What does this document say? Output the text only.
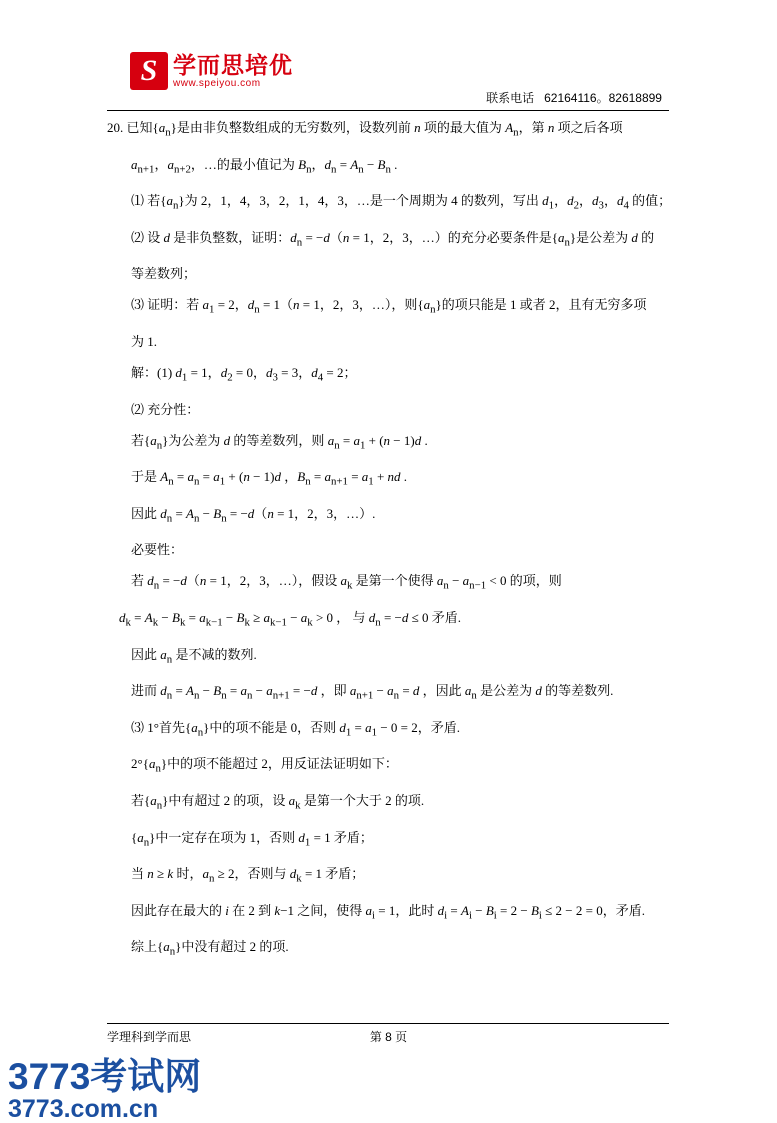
S 学而思培优
www.speiyou.com
联系电话 62164116。82618899

20. 已知$\{a_n\}$是由非负整数组成的无穷数列，设数列前 n 项的最大值为 $A_n$，第 n 项之后各项

$a_{n+1}$，$a_{n+2}$，…的最小值记为 $B_n$，$d_n = A_n - B_n$ .

⑴ 若$\{a_n\}$为 2，1，4，3，2，1，4，3，…是一个周期为 4 的数列，写出 $d_1$，$d_2$，$d_3$，$d_4$ 的值；

⑵ 设 d 是非负整数，证明：$d_n = -d(n = 1$，2，3，…）的充分必要条件是$\{a_n\}$是公差为 d 的

等差数列；

⑶ 证明：若 $a_1 = 2$，$d_n = 1(n = 1$，2，3，…），则$\{a_n\}$的项只能是 1 或者 2，且有无穷多项

为 1.

解：(1) $d_1 = 1$，$d_2 = 0$，$d_3 = 3$，$d_4 = 2$；

⑵ 充分性：

若$\{a_n\}$为公差为 d 的等差数列，则 $a_n = a_1 + (n - 1)d$ .

于是 $A_n = a_n = a_1 + (n - 1)d$ ，$B_n = a_{n+1} = a_1$ + nd .

因此 $d_n = A_n - B_n = -d(n = 1$，2，3，…）.

必要性：

若 $d_n = -d(n = 1$，2，3，…），假设 $a_k$ 是第一个使得 $a_n - a_{n-1} < 0$ 的项，则

$d_k = A_k - B_k = a_{k-1} - B_k \ge a_{k-1} - a_k > 0$ ， 与 $d_n = -d \le 0$ 矛盾.

因此 $a_n$ 是不减的数列.

进而 $d_n = A_n - B_n = a_n - a_{n+1} = -d$ ，即 $a_{n+1} - a_n = d$ ，因此 $a_n$ 是公差为 d 的等差数列.

⑶ 1°首先$\{a_n\}$中的项不能是 0，否则 $d_1 = a_1 - 0 = 2$，矛盾.

$2^\circ\{a_n\}$中的项不能超过 2，用反证法证明如下：

若$\{a_n\}$中有超过 2 的项，设 $a_k$ 是第一个大于 2 的项.

$\{a_n\}$中一定存在项为 1，否则 $d_1 = 1$ 矛盾；

当 n ≥ k 时，$a_n \ge 2$，否则与 $d_k = 1$ 矛盾；

因此存在最大的 i 在 2 到 k−1 之间，使得 $a_i = 1$，此时 $d_i = A_i - B_i = 2 - B_i \le 2 - 2 = 0$，矛盾.

综上$\{a_n\}$中没有超过 2 的项.

学理科到学而思	第 8 页
3773考试网
3773.com.cn
